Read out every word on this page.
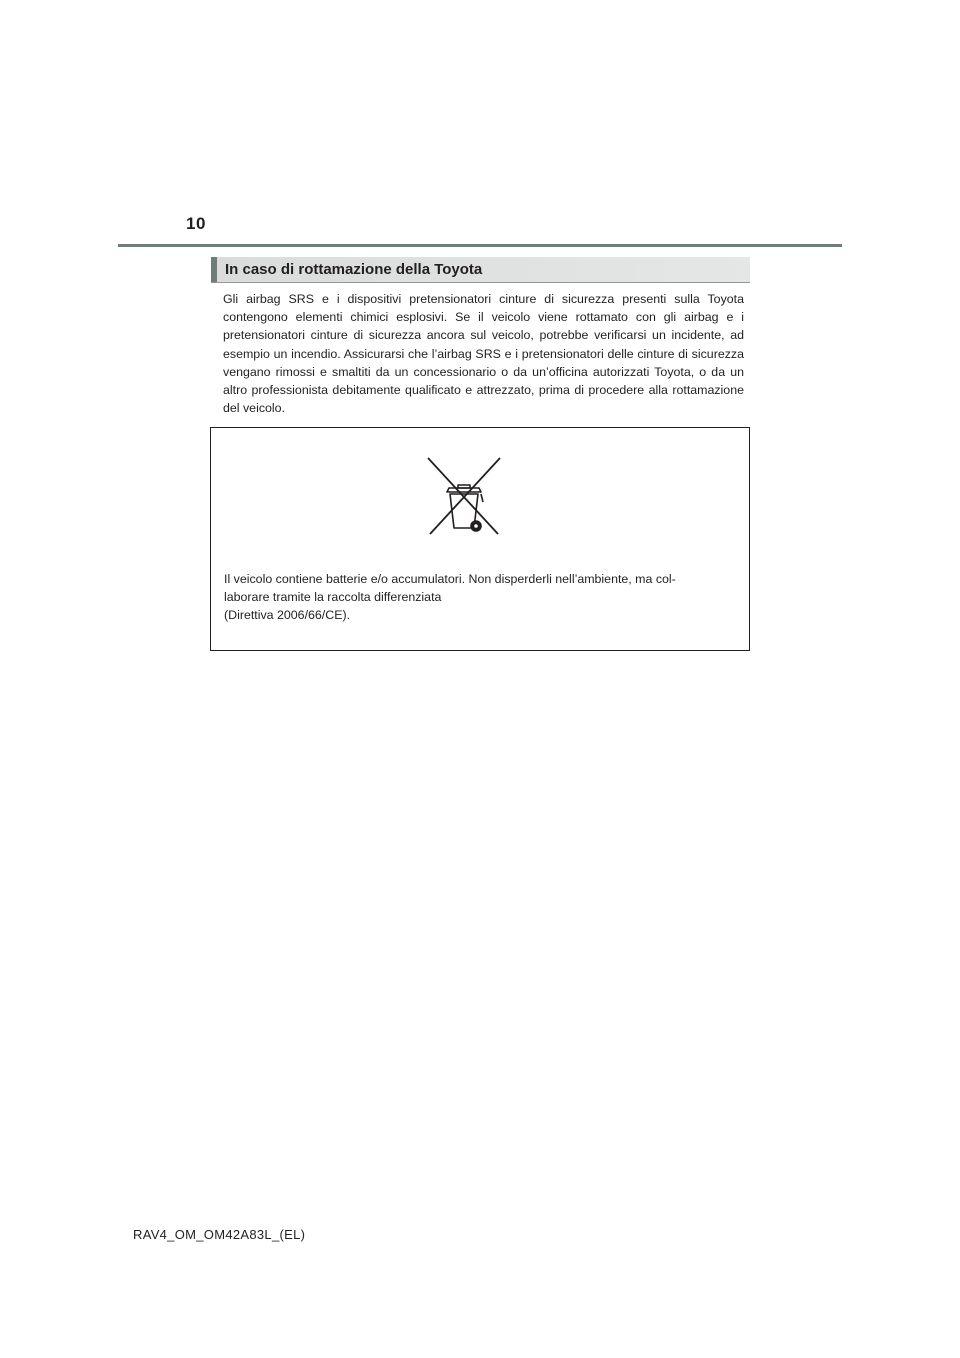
10
In caso di rottamazione della Toyota

Gli airbag SRS e i dispositivi pretensionatori cinture di sicurezza presenti sulla Toyota contengono elementi chimici esplosivi. Se il veicolo viene rottamato con gli airbag e i pretensionatori cinture di sicurezza ancora sul veicolo, potrebbe verificarsi un incidente, ad esempio un incendio. Assicurarsi che l’airbag SRS e i pretensionatori delle cinture di sicurezza vengano rimossi e smaltiti da un concessionario o da un’officina autorizzati Toyota, o da un altro professionista debitamente qualificato e attrezzato, prima di procedere alla rottamazione del veicolo.

Il veicolo contiene batterie e/o accumulatori. Non disperderli nell’ambiente, ma col-
laborare tramite la raccolta differenziata
(Direttiva 2006/66/CE).

RAV4_OM_OM42A83L_(EL)
